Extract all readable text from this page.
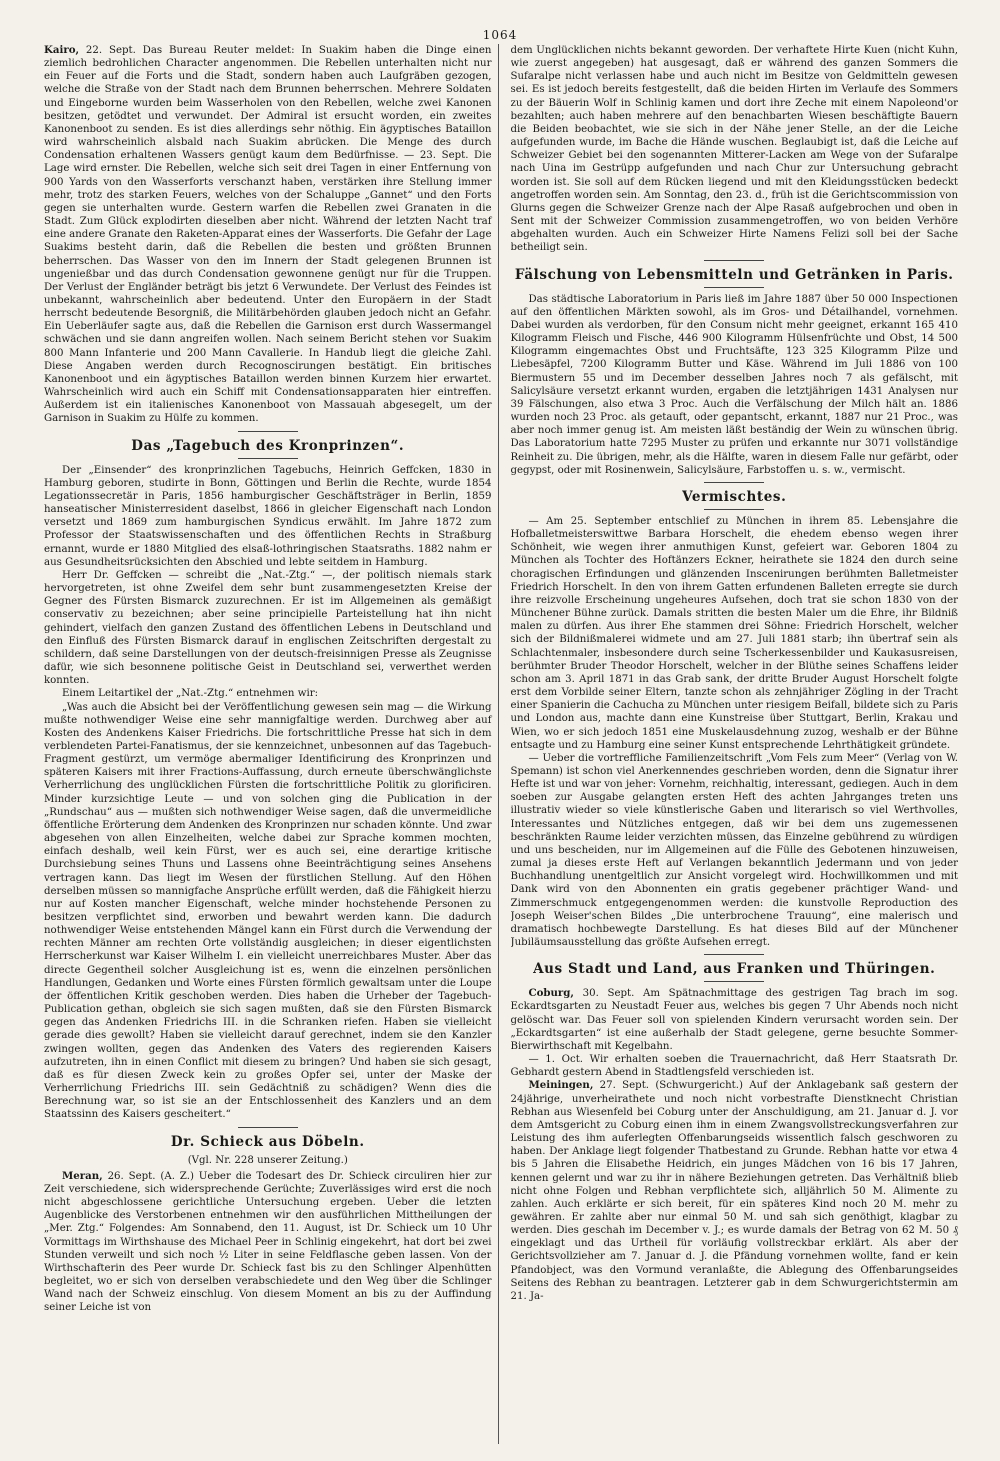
1064

Kairo, 22. Sept. Das Bureau Reuter meldet: In Suakim haben die Dinge einen ziemlich bedrohlichen Character angenommen. Die Rebellen unterhalten nicht nur ein Feuer auf die Forts und die Stadt, sondern haben auch Laufgräben gezogen, welche die Straße von der Stadt nach dem Brunnen beherrschen. Mehrere Soldaten und Eingeborne wurden beim Wasserholen von den Rebellen, welche zwei Kanonen besitzen, getödtet und verwundet. Der Admiral ist ersucht worden, ein zweites Kanonenboot zu senden. Es ist dies allerdings sehr nöthig. Ein ägyptisches Bataillon wird wahrscheinlich alsbald nach Suakim abrücken. Die Menge des durch Condensation erhaltenen Wassers genügt kaum dem Bedürfnisse. — 23. Sept. Die Lage wird ernster. Die Rebellen, welche sich seit drei Tagen in einer Entfernung von 900 Yards von den Wasserforts verschanzt haben, verstärken ihre Stellung immer mehr, trotz des starken Feuers, welches von der Schaluppe „Gannet“ und den Forts gegen sie unterhalten wurde. Gestern warfen die Rebellen zwei Granaten in die Stadt. Zum Glück explodirten dieselben aber nicht. Während der letzten Nacht traf eine andere Granate den Raketen-Apparat eines der Wasserforts. Die Gefahr der Lage Suakims besteht darin, daß die Rebellen die besten und größten Brunnen beherrschen. Das Wasser von den im Innern der Stadt gelegenen Brunnen ist ungenießbar und das durch Condensation gewonnene genügt nur für die Truppen. Der Verlust der Engländer beträgt bis jetzt 6 Verwundete. Der Verlust des Feindes ist unbekannt, wahrscheinlich aber bedeutend. Unter den Europäern in der Stadt herrscht bedeutende Besorgniß, die Militärbehörden glauben jedoch nicht an Gefahr. Ein Ueberläufer sagte aus, daß die Rebellen die Garnison erst durch Wassermangel schwächen und sie dann angreifen wollen. Nach seinem Bericht stehen vor Suakim 800 Mann Infanterie und 200 Mann Cavallerie. In Handub liegt die gleiche Zahl. Diese Angaben werden durch Recognoscirungen bestätigt. Ein britisches Kanonenboot und ein ägyptisches Bataillon werden binnen Kurzem hier erwartet. Wahrscheinlich wird auch ein Schiff mit Condensationsapparaten hier eintreffen. Außerdem ist ein italienisches Kanonenboot von Massauah abgesegelt, um der Garnison in Suakim zu Hülfe zu kommen.

Das „Tagebuch des Kronprinzen“.

Der „Einsender“ des kronprinzlichen Tagebuchs, Heinrich Geffcken, 1830 in Hamburg geboren, studirte in Bonn, Göttingen und Berlin die Rechte, wurde 1854 Legationssecretär in Paris, 1856 hamburgischer Geschäftsträger in Berlin, 1859 hanseatischer Ministerresident daselbst, 1866 in gleicher Eigenschaft nach London versetzt und 1869 zum hamburgischen Syndicus erwählt. Im Jahre 1872 zum Professor der Staatswissenschaften und des öffentlichen Rechts in Straßburg ernannt, wurde er 1880 Mitglied des elsaß-lothringischen Staatsraths. 1882 nahm er aus Gesundheitsrücksichten den Abschied und lebte seitdem in Hamburg.

Herr Dr. Geffcken — schreibt die „Nat.-Ztg.“ —, der politisch niemals stark hervorgetreten, ist ohne Zweifel dem sehr bunt zusammengesetzten Kreise der Gegner des Fürsten Bismarck zuzurechnen. Er ist im Allgemeinen als gemäßigt conservativ zu bezeichnen; aber seine principielle Parteistellung hat ihn nicht gehindert, vielfach den ganzen Zustand des öffentlichen Lebens in Deutschland und den Einfluß des Fürsten Bismarck darauf in englischen Zeitschriften dergestalt zu schildern, daß seine Darstellungen von der deutsch-freisinnigen Presse als Zeugnisse dafür, wie sich besonnene politische Geist in Deutschland sei, verwerthet werden konnten.

Einem Leitartikel der „Nat.-Ztg.“ entnehmen wir:

„Was auch die Absicht bei der Veröffentlichung gewesen sein mag — die Wirkung mußte nothwendiger Weise eine sehr mannigfaltige werden. Durchweg aber auf Kosten des Andenkens Kaiser Friedrichs. Die fortschrittliche Presse hat sich in dem verblendeten Partei-Fanatismus, der sie kennzeichnet, unbesonnen auf das Tagebuch-Fragment gestürzt, um vermöge abermaliger Identificirung des Kronprinzen und späteren Kaisers mit ihrer Fractions-Auffassung, durch erneute überschwänglichste Verherrlichung des unglücklichen Fürsten die fortschrittliche Politik zu glorificiren. Minder kurzsichtige Leute — und von solchen ging die Publication in der „Rundschau“ aus — mußten sich nothwendiger Weise sagen, daß die unvermeidliche öffentliche Erörterung dem Andenken des Kronprinzen nur schaden könnte. Und zwar abgesehen von allen Einzelheiten, welche dabei zur Sprache kommen mochten, einfach deshalb, weil kein Fürst, wer es auch sei, eine derartige kritische Durchsiebung seines Thuns und Lassens ohne Beeinträchtigung seines Ansehens vertragen kann. Das liegt im Wesen der fürstlichen Stellung. Auf den Höhen derselben müssen so mannigfache Ansprüche erfüllt werden, daß die Fähigkeit hierzu nur auf Kosten mancher Eigenschaft, welche minder hochstehende Personen zu besitzen verpflichtet sind, erworben und bewahrt werden kann. Die dadurch nothwendiger Weise entstehenden Mängel kann ein Fürst durch die Verwendung der rechten Männer am rechten Orte vollständig ausgleichen; in dieser eigentlichsten Herrscherkunst war Kaiser Wilhelm I. ein vielleicht unerreichbares Muster. Aber das directe Gegentheil solcher Ausgleichung ist es, wenn die einzelnen persönlichen Handlungen, Gedanken und Worte eines Fürsten förmlich gewaltsam unter die Loupe der öffentlichen Kritik geschoben werden. Dies haben die Urheber der Tagebuch-Publication gethan, obgleich sie sich sagen mußten, daß sie den Fürsten Bismarck gegen das Andenken Friedrichs III. in die Schranken riefen. Haben sie vielleicht gerade dies gewollt? Haben sie vielleicht darauf gerechnet, indem sie den Kanzler zwingen wollten, gegen das Andenken des Vaters des regierenden Kaisers aufzutreten, ihn in einen Conflict mit diesem zu bringen? Und haben sie sich gesagt, daß es für diesen Zweck kein zu großes Opfer sei, unter der Maske der Verherrlichung Friedrichs III. sein Gedächtniß zu schädigen? Wenn dies die Berechnung war, so ist sie an der Entschlossenheit des Kanzlers und an dem Staatssinn des Kaisers gescheitert.“

Dr. Schieck aus Döbeln.
(Vgl. Nr. 228 unserer Zeitung.)

Meran, 26. Sept. (A. Z.) Ueber die Todesart des Dr. Schieck circuliren hier zur Zeit verschiedene, sich widersprechende Gerüchte; Zuverlässiges wird erst die noch nicht abgeschlossene gerichtliche Untersuchung ergeben. Ueber die letzten Augenblicke des Verstorbenen entnehmen wir den ausführlichen Mittheilungen der „Mer. Ztg.“ Folgendes: Am Sonnabend, den 11. August, ist Dr. Schieck um 10 Uhr Vormittags im Wirthshause des Michael Peer in Schlinig eingekehrt, hat dort bei zwei Stunden verweilt und sich noch ½ Liter in seine Feldflasche geben lassen. Von der Wirthschafterin des Peer wurde Dr. Schieck fast bis zu den Schlinger Alpenhütten begleitet, wo er sich von derselben verabschiedete und den Weg über die Schlinger Wand nach der Schweiz einschlug. Von diesem Moment an bis zu der Auffindung seiner Leiche ist von

dem Unglücklichen nichts bekannt geworden. Der verhaftete Hirte Kuen (nicht Kuhn, wie zuerst angegeben) hat ausgesagt, daß er während des ganzen Sommers die Sufaralpe nicht verlassen habe und auch nicht im Besitze von Geldmitteln gewesen sei. Es ist jedoch bereits festgestellt, daß die beiden Hirten im Verlaufe des Sommers zu der Bäuerin Wolf in Schlinig kamen und dort ihre Zeche mit einem Napoleond'or bezahlten; auch haben mehrere auf den benachbarten Wiesen beschäftigte Bauern die Beiden beobachtet, wie sie sich in der Nähe jener Stelle, an der die Leiche aufgefunden wurde, im Bache die Hände wuschen. Beglaubigt ist, daß die Leiche auf Schweizer Gebiet bei den sogenannten Mitterer-Lacken am Wege von der Sufaralpe nach Uina im Gestrüpp aufgefunden und nach Chur zur Untersuchung gebracht worden ist. Sie soll auf dem Rücken liegend und mit den Kleidungsstücken bedeckt angetroffen worden sein. Am Sonntag, den 23. d., früh ist die Gerichtscommission von Glurns gegen die Schweizer Grenze nach der Alpe Rasaß aufgebrochen und oben in Sent mit der Schweizer Commission zusammengetroffen, wo von beiden Verhöre abgehalten wurden. Auch ein Schweizer Hirte Namens Felizi soll bei der Sache betheiligt sein.

Fälschung von Lebensmitteln und Getränken in Paris.

Das städtische Laboratorium in Paris ließ im Jahre 1887 über 50 000 Inspectionen auf den öffentlichen Märkten sowohl, als im Gros- und Détailhandel, vornehmen. Dabei wurden als verdorben, für den Consum nicht mehr geeignet, erkannt 165 410 Kilogramm Fleisch und Fische, 446 900 Kilogramm Hülsenfrüchte und Obst, 14 500 Kilogramm eingemachtes Obst und Fruchtsäfte, 123 325 Kilogramm Pilze und Liebesäpfel, 7200 Kilogramm Butter und Käse. Während im Juli 1886 von 100 Biermustern 55 und im December desselben Jahres noch 7 als gefälscht, mit Salicylsäure versetzt erkannt wurden, ergaben die letztjährigen 1431 Analysen nur 39 Fälschungen, also etwa 3 Proc. Auch die Verfälschung der Milch hält an. 1886 wurden noch 23 Proc. als getauft, oder gepantscht, erkannt, 1887 nur 21 Proc., was aber noch immer genug ist. Am meisten läßt beständig der Wein zu wünschen übrig. Das Laboratorium hatte 7295 Muster zu prüfen und erkannte nur 3071 vollständige Reinheit zu. Die übrigen, mehr, als die Hälfte, waren in diesem Falle nur gefärbt, oder gegypst, oder mit Rosinenwein, Salicylsäure, Farbstoffen u. s. w., vermischt.

Vermischtes.

— Am 25. September entschlief zu München in ihrem 85. Lebensjahre die Hofballetmeisterswittwe Barbara Horschelt, die ehedem ebenso wegen ihrer Schönheit, wie wegen ihrer anmuthigen Kunst, gefeiert war. Geboren 1804 zu München als Tochter des Hoftänzers Eckner, heirathete sie 1824 den durch seine choragischen Erfindungen und glänzenden Inscenirungen berühmten Balletmeister Friedrich Horschelt. In den von ihrem Gatten erfundenen Balleten erregte sie durch ihre reizvolle Erscheinung ungeheures Aufsehen, doch trat sie schon 1830 von der Münchener Bühne zurück. Damals stritten die besten Maler um die Ehre, ihr Bildniß malen zu dürfen. Aus ihrer Ehe stammen drei Söhne: Friedrich Horschelt, welcher sich der Bildnißmalerei widmete und am 27. Juli 1881 starb; ihn übertraf sein als Schlachtenmaler, insbesondere durch seine Tscherkessenbilder und Kaukasusreisen, berühmter Bruder Theodor Horschelt, welcher in der Blüthe seines Schaffens leider schon am 3. April 1871 in das Grab sank, der dritte Bruder August Horschelt folgte erst dem Vorbilde seiner Eltern, tanzte schon als zehnjähriger Zögling in der Tracht einer Spanierin die Cachucha zu München unter riesigem Beifall, bildete sich zu Paris und London aus, machte dann eine Kunstreise über Stuttgart, Berlin, Krakau und Wien, wo er sich jedoch 1851 eine Muskelausdehnung zuzog, weshalb er der Bühne entsagte und zu Hamburg eine seiner Kunst entsprechende Lehrthätigkeit gründete.

— Ueber die vortreffliche Familienzeitschrift „Vom Fels zum Meer“ (Verlag von W. Spemann) ist schon viel Anerkennendes geschrieben worden, denn die Signatur ihrer Hefte ist und war von jeher: Vornehm, reichhaltig, interessant, gediegen. Auch in dem soeben zur Ausgabe gelangten ersten Heft des achten Jahrganges treten uns illustrativ wieder so viele künstlerische Gaben und literarisch so viel Werthvolles, Interessantes und Nützliches entgegen, daß wir bei dem uns zugemessenen beschränkten Raume leider verzichten müssen, das Einzelne gebührend zu würdigen und uns bescheiden, nur im Allgemeinen auf die Fülle des Gebotenen hinzuweisen, zumal ja dieses erste Heft auf Verlangen bekanntlich Jedermann und von jeder Buchhandlung unentgeltlich zur Ansicht vorgelegt wird. Hochwillkommen und mit Dank wird von den Abonnenten ein gratis gegebener prächtiger Wand- und Zimmerschmuck entgegengenommen werden: die kunstvolle Reproduction des Joseph Weiser'schen Bildes „Die unterbrochene Trauung“, eine malerisch und dramatisch hochbewegte Darstellung. Es hat dieses Bild auf der Münchener Jubiläumsausstellung das größte Aufsehen erregt.

Aus Stadt und Land, aus Franken und Thüringen.

Coburg, 30. Sept. Am Spätnachmittage des gestrigen Tag brach im sog. Eckardtsgarten zu Neustadt Feuer aus, welches bis gegen 7 Uhr Abends noch nicht gelöscht war. Das Feuer soll von spielenden Kindern verursacht worden sein. Der „Eckardtsgarten“ ist eine außerhalb der Stadt gelegene, gerne besuchte Sommer-Bierwirthschaft mit Kegelbahn.

— 1. Oct. Wir erhalten soeben die Trauernachricht, daß Herr Staatsrath Dr. Gebhardt gestern Abend in Stadtlengsfeld verschieden ist.

Meiningen, 27. Sept. (Schwurgericht.) Auf der Anklagebank saß gestern der 24jährige, unverheirathete und noch nicht vorbestrafte Dienstknecht Christian Rebhan aus Wiesenfeld bei Coburg unter der Anschuldigung, am 21. Januar d. J. vor dem Amtsgericht zu Coburg einen ihm in einem Zwangsvollstreckungsverfahren zur Leistung des ihm auferlegten Offenbarungseids wissentlich falsch geschworen zu haben. Der Anklage liegt folgender Thatbestand zu Grunde. Rebhan hatte vor etwa 4 bis 5 Jahren die Elisabethe Heidrich, ein junges Mädchen von 16 bis 17 Jahren, kennen gelernt und war zu ihr in nähere Beziehungen getreten. Das Verhältniß blieb nicht ohne Folgen und Rebhan verpflichtete sich, alljährlich 50 M. Alimente zu zahlen. Auch erklärte er sich bereit, für ein späteres Kind noch 20 M. mehr zu gewähren. Er zahlte aber nur einmal 50 M. und sah sich genöthigt, klagbar zu werden. Dies geschah im December v. J.; es wurde damals der Betrag von 62 M. 50 ₰ eingeklagt und das Urtheil für vorläufig vollstreckbar erklärt. Als aber der Gerichtsvollzieher am 7. Januar d. J. die Pfändung vornehmen wollte, fand er kein Pfandobject, was den Vormund veranlaßte, die Ablegung des Offenbarungseides Seitens des Rebhan zu beantragen. Letzterer gab in dem Schwurgerichtstermin am 21. Ja-
